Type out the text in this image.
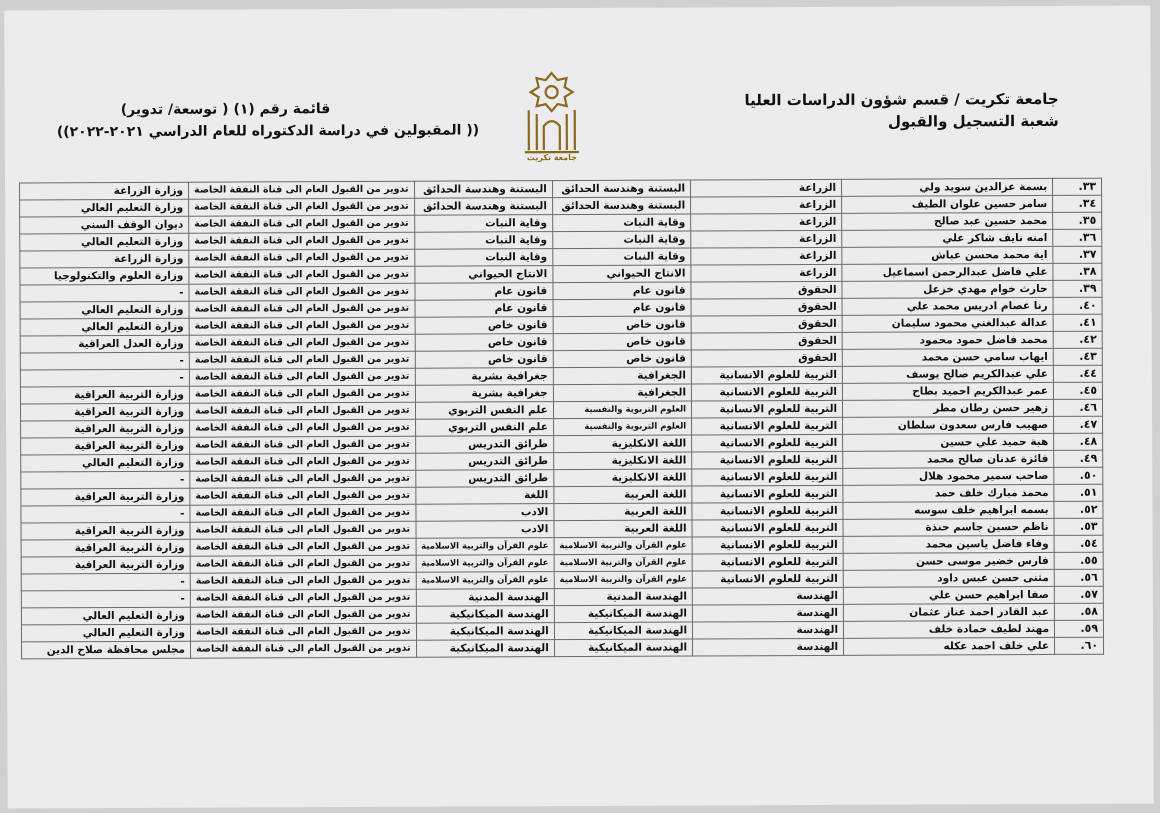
جامعة تكريت / قسم شؤون الدراسات العليا
شعبة التسجيل والقبول
قائمة رقم (١) ( توسعة/ تدوير)
(( المقبولين في دراسة الدكتوراه للعام الدراسي ٢٠٢١-٢٠٢٢))
جامعة تكريت
٣٣.	بسمة عزالدين سويد ولي	الزراعة	البستنة وهندسة الحدائق	البستنة وهندسة الحدائق	تدوير من القبول العام الى قناة النفقة الخاصة	وزارة الزراعة
٣٤.	سامر حسين علوان الطيف	الزراعة	البستنة وهندسة الحدائق	البستنة وهندسة الحدائق	تدوير من القبول العام الى قناة النفقة الخاصة	وزارة التعليم العالي
٣٥.	محمد حسين عبد صالح	الزراعة	وقاية النبات	وقاية النبات	تدوير من القبول العام الى قناة النفقة الخاصة	ديوان الوقف السني
٣٦.	امنه نايف شاكر علي	الزراعة	وقاية النبات	وقاية النبات	تدوير من القبول العام الى قناة النفقة الخاصة	وزارة التعليم العالي
٣٧.	اية محمد محسن عباش	الزراعة	وقاية النبات	وقاية النبات	تدوير من القبول العام الى قناة النفقة الخاصة	وزارة الزراعة
٣٨.	علي فاضل عبدالرحمن اسماعيل	الزراعة	الانتاج الحيواني	الانتاج الحيواني	تدوير من القبول العام الى قناة النفقة الخاصة	وزارة العلوم والتكنولوجيا
٣٩.	حارث خوام مهدي خزعل	الحقوق	قانون عام	قانون عام	تدوير من القبول العام الى قناة النفقة الخاصة	-
٤٠.	رنا عصام ادريس محمد علي	الحقوق	قانون عام	قانون عام	تدوير من القبول العام الى قناة النفقة الخاصة	وزارة التعليم العالي
٤١.	عدالة عبدالغني محمود سليمان	الحقوق	قانون خاص	قانون خاص	تدوير من القبول العام الى قناة النفقة الخاصة	وزارة التعليم العالي
٤٢.	محمد فاضل حمود محمود	الحقوق	قانون خاص	قانون خاص	تدوير من القبول العام الى قناة النفقة الخاصة	وزارة العدل العراقية
٤٣.	ايهاب سامي حسن محمد	الحقوق	قانون خاص	قانون خاص	تدوير من القبول العام الى قناة النفقة الخاصة	-
٤٤.	علي عبدالكريم صالح يوسف	التربية للعلوم الانسانية	الجغرافية	جغرافية بشرية	تدوير من القبول العام الى قناة النفقة الخاصة	-
٤٥.	عمر عبدالكريم احميد بطاح	التربية للعلوم الانسانية	الجغرافية	جغرافية بشرية	تدوير من القبول العام الى قناة النفقة الخاصة	وزارة التربية العراقية
٤٦.	زهير حسن رطان مطر	التربية للعلوم الانسانية	العلوم التربوية والنفسية	علم النفس التربوي	تدوير من القبول العام الى قناة النفقة الخاصة	وزارة التربية العراقية
٤٧.	صهيب فارس سعدون سلطان	التربية للعلوم الانسانية	العلوم التربوية والنفسية	علم النفس التربوي	تدوير من القبول العام الى قناة النفقة الخاصة	وزارة التربية العراقية
٤٨.	هبة حميد علي حسين	التربية للعلوم الانسانية	اللغة الانكليزية	طرائق التدريس	تدوير من القبول العام الى قناة النفقة الخاصة	وزارة التربية العراقية
٤٩.	فائزة عدنان صالح محمد	التربية للعلوم الانسانية	اللغة الانكليزية	طرائق التدريس	تدوير من القبول العام الى قناة النفقة الخاصة	وزارة التعليم العالي
٥٠.	صاحب سمير محمود هلال	التربية للعلوم الانسانية	اللغة الانكليزية	طرائق التدريس	تدوير من القبول العام الى قناة النفقة الخاصة	-
٥١.	محمد مبارك خلف حمد	التربية للعلوم الانسانية	اللغة العربية	اللغة	تدوير من القبول العام الى قناة النفقة الخاصة	وزارة التربية العراقية
٥٢.	بسمه ابراهيم خلف سوسه	التربية للعلوم الانسانية	اللغة العربية	الادب	تدوير من القبول العام الى قناة النفقة الخاصة	-
٥٣.	ناظم حسين جاسم حنذة	التربية للعلوم الانسانية	اللغة العربية	الادب	تدوير من القبول العام الى قناة النفقة الخاصة	وزارة التربية العراقية
٥٤.	وفاء فاضل ياسين محمد	التربية للعلوم الانسانية	علوم القرآن والتربية الاسلامية	علوم القرآن والتربية الاسلامية	تدوير من القبول العام الى قناة النفقة الخاصة	وزارة التربية العراقية
٥٥.	فارس خضير موسى حسن	التربية للعلوم الانسانية	علوم القرآن والتربية الاسلامية	علوم القرآن والتربية الاسلامية	تدوير من القبول العام الى قناة النفقة الخاصة	وزارة التربية العراقية
٥٦.	مثنى حسن عبس داود	التربية للعلوم الانسانية	علوم القرآن والتربية الاسلامية	علوم القرآن والتربية الاسلامية	تدوير من القبول العام الى قناة النفقة الخاصة	-
٥٧.	صفا ابراهيم حسن علي	الهندسة	الهندسة المدنية	الهندسة المدنية	تدوير من القبول العام الى قناة النفقة الخاصة	-
٥٨.	عبد القادر احمد عناز عثمان	الهندسة	الهندسة الميكانيكية	الهندسة الميكانيكية	تدوير من القبول العام الى قناة النفقة الخاصة	وزارة التعليم العالي
٥٩.	مهند لطيف حمادة خلف	الهندسة	الهندسة الميكانيكية	الهندسة الميكانيكية	تدوير من القبول العام الى قناة النفقة الخاصة	وزارة التعليم العالي
٦٠.	علي خلف احمد عكله	الهندسة	الهندسة الميكانيكية	الهندسة الميكانيكية	تدوير من القبول العام الى قناة النفقة الخاصة	مجلس محافظة صلاح الدين
